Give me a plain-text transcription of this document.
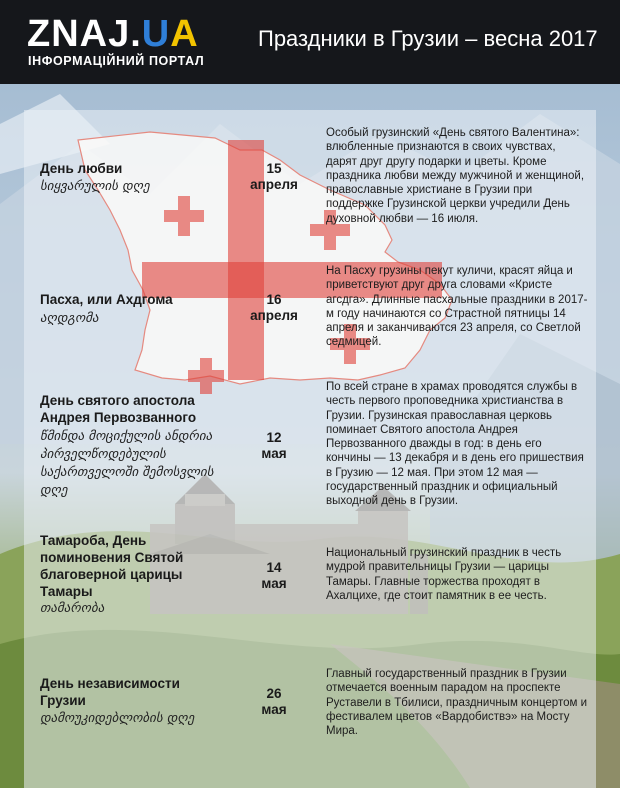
ZNAJ.UA
ІНФОРМАЦІЙНИЙ ПОРТАЛ
Праздники в Грузии – весна 2017
День любви
სიყვარულის დღე
15
апреля
Особый грузинский «День святого Валентина»: влюбленные признаются в своих чувствах, дарят друг другу подарки и цветы. Кроме праздника любви между мужчиной и женщиной, православные христиане в Грузии при поддержке Грузинской церкви учредили День духовной любви — 16 июля.
Пасха, или Ахдгома
აღდგომა
16
апреля
На Пасху грузины пекут куличи, красят яйца и приветствуют друг друга словами «Кристе агсдга». Длинные пасхальные праздники в 2017-м году начинаются со Страстной пятницы 14 апреля и заканчиваются 23 апреля, со Светлой седмицей.
День святого апостола Андрея Первозванного
წმინდა მოციქულის ანდრია პირველწოდებულის საქართველოში შემოსვლის დღე
12
мая
По всей стране в храмах проводятся службы в честь первого проповедника христианства в Грузии. Грузинская православная церковь поминает Святого апостола Андрея Первозванного дважды в год: в день его кончины — 13 декабря и в день его пришествия в Грузию — 12 мая. При этом 12 мая — государственный праздник и официальный выходной день в Грузии.
Тамароба, День поминовения Святой благоверной царицы Тамары
თამარობა
14
мая
Национальный грузинский праздник в честь мудрой правительницы Грузии — царицы Тамары. Главные торжества проходят в Ахалцихе, где стоит памятник в ее честь.
День независимости Грузии
დამოუკიდებლობის დღე
26
мая
Главный государственный праздник в Грузии отмечается военным парадом на проспекте Руставели в Тбилиси, праздничным концертом и фестивалем цветов «Вардобиствэ» на Мосту Мира.
